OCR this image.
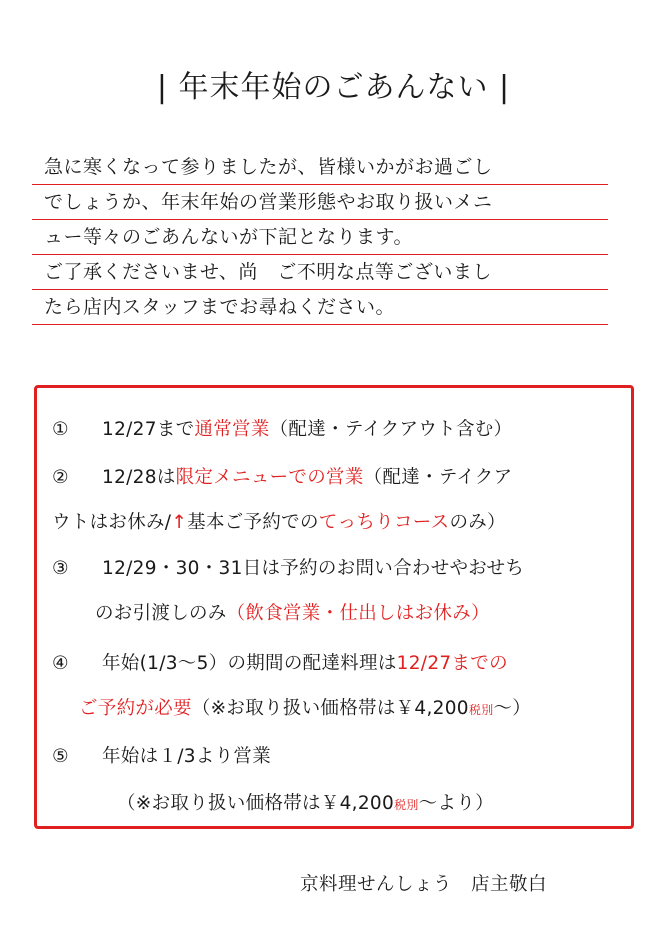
| 年末年始のごあんない |
急に寒くなって参りましたが、皆様いかがお過ごし
でしょうか、年末年始の営業形態やお取り扱いメニ
ュー等々のごあんないが下記となります。
ご了承くださいませ、尚　ご不明な点等ございまし
たら店内スタッフまでお尋ねください。
① 12/27まで通常営業（配達・テイクアウト含む）
② 12/28は限定メニューでの営業（配達・テイクア
ウトはお休み/↑基本ご予約でのてっちりコースのみ）
③ 12/29・30・31日は予約のお問い合わせやおせち
のお引渡しのみ（飲食営業・仕出しはお休み）
④ 年始(1/3～5）の期間の配達料理は12/27までの
ご予約が必要（※お取り扱い価格帯は￥4,200税別～）
⑤ 年始は１/3より営業
（※お取り扱い価格帯は￥4,200税別～より）
京料理せんしょう　店主敬白
